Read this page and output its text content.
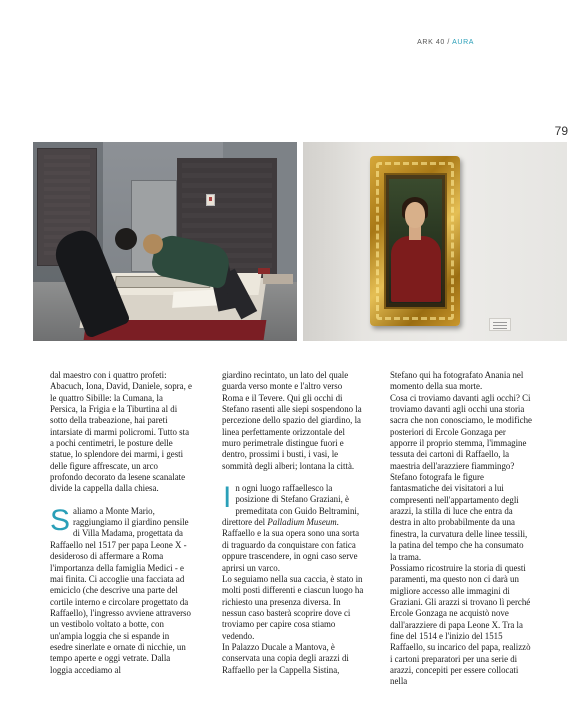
ARK 40 / AURA
79

dal maestro con i quattro profeti: Abacuch, Iona, David, Daniele, sopra, e le quattro Sibille: la Cumana, la Persica, la Frigia e la Tiburtina al di sotto della trabeazione, hai pareti intarsiate di marmi policromi. Tutto sta a pochi centimetri, le posture delle statue, lo splendore dei marmi, i gesti delle figure affrescate, un arco profondo decorato da lesene scanalate divide la cappella dalla chiesa.

Saliamo a Monte Mario, raggiungiamo il giardino pensile di Villa Madama, progettata da Raffaello nel 1517 per papa Leone X - desideroso di affermare a Roma l'importanza della famiglia Medici - e mai finita. Ci accoglie una facciata ad emiciclo (che descrive una parte del cortile interno e circolare progettato da Raffaello), l'ingresso avviene attraverso un vestibolo voltato a botte, con un'ampia loggia che si espande in esedre sinerlate e ornate di nicchie, un tempo aperte e oggi vetrate. Dalla loggia accediamo al

giardino recintato, un lato del quale guarda verso monte e l'altro verso Roma e il Tevere. Qui gli occhi di Stefano rasenti alle siepi sospendono la percezione dello spazio del giardino, la linea perfettamente orizzontale del muro perimetrale distingue fuori e dentro, prossimi i busti, i vasi, le sommità degli alberi; lontana la città.

In ogni luogo raffaellesco la posizione di Stefano Graziani, è premeditata con Guido Beltramini, direttore del Palladium Museum. Raffaello e la sua opera sono una sorta di traguardo da conquistare con fatica oppure trascendere, in ogni caso serve aprirsi un varco.

Lo seguiamo nella sua caccia, è stato in molti posti differenti e ciascun luogo ha richiesto una presenza diversa. In nessun caso basterà scoprire dove ci troviamo per capire cosa stiamo vedendo.

In Palazzo Ducale a Mantova, è conservata una copia degli arazzi di Raffaello per la Cappella Sistina,

Stefano qui ha fotografato Anania nel momento della sua morte.

Cosa ci troviamo davanti agli occhi? Ci troviamo davanti agli occhi una storia sacra che non conosciamo, le modifiche posteriori di Ercole Gonzaga per apporre il proprio stemma, l'immagine tessuta dei cartoni di Raffaello, la maestria dell'arazziere fiammingo? Stefano fotografa le figure fantasmatiche dei visitatori a lui compresenti nell'appartamento degli arazzi, la stilla di luce che entra da destra in alto probabilmente da una finestra, la curvatura delle linee tessili, la patina del tempo che ha consumato la trama.

Possiamo ricostruire la storia di questi paramenti, ma questo non ci darà un migliore accesso alle immagini di Graziani. Gli arazzi si trovano lì perché Ercole Gonzaga ne acquistò nove dall'arazziere di papa Leone X. Tra la fine del 1514 e l'inizio del 1515 Raffaello, su incarico del papa, realizzò i cartoni preparatori per una serie di arazzi, concepiti per essere collocati nella
